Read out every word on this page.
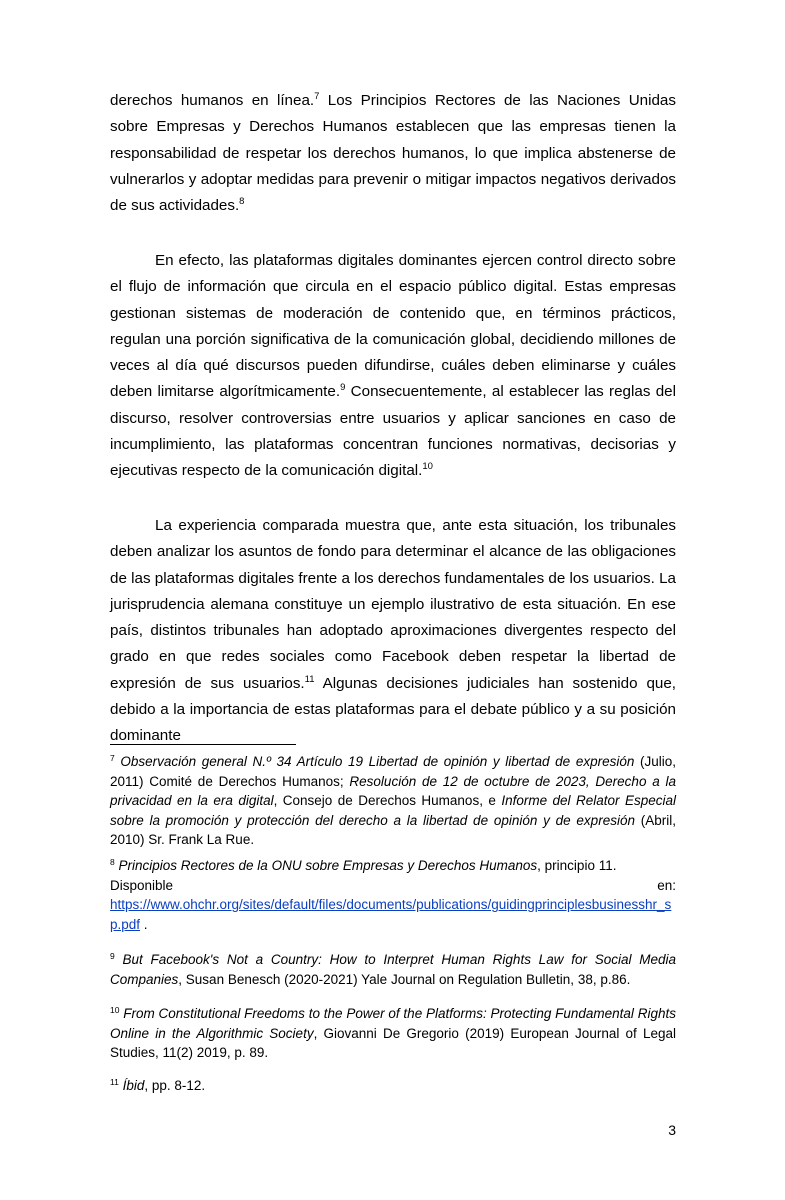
derechos humanos en línea.$^7$ Los Principios Rectores de las Naciones Unidas sobre Empresas y Derechos Humanos establecen que las empresas tienen la responsabilidad de respetar los derechos humanos, lo que implica abstenerse de vulnerarlos y adoptar medidas para prevenir o mitigar impactos negativos derivados de sus actividades.$^8$

En efecto, las plataformas digitales dominantes ejercen control directo sobre el flujo de información que circula en el espacio público digital. Estas empresas gestionan sistemas de moderación de contenido que, en términos prácticos, regulan una porción significativa de la comunicación global, decidiendo millones de veces al día qué discursos pueden difundirse, cuáles deben eliminarse y cuáles deben limitarse algorítmicamente.$^9$ Consecuentemente, al establecer las reglas del discurso, resolver controversias entre usuarios y aplicar sanciones en caso de incumplimiento, las plataformas concentran funciones normativas, decisorias y ejecutivas respecto de la comunicación digital.$^{10}$

La experiencia comparada muestra que, ante esta situación, los tribunales deben analizar los asuntos de fondo para determinar el alcance de las obligaciones de las plataformas digitales frente a los derechos fundamentales de los usuarios. La jurisprudencia alemana constituye un ejemplo ilustrativo de esta situación. En ese país, distintos tribunales han adoptado aproximaciones divergentes respecto del grado en que redes sociales como Facebook deben respetar la libertad de expresión de sus usuarios.$^{11}$ Algunas decisiones judiciales han sostenido que, debido a la importancia de estas plataformas para el debate público y a su posición dominante

$^7$ Observación general N.º 34 Artículo 19 Libertad de opinión y libertad de expresión (Julio, 2011) Comité de Derechos Humanos; Resolución de 12 de octubre de 2023, Derecho a la privacidad en la era digital, Consejo de Derechos Humanos, e Informe del Relator Especial sobre la promoción y protección del derecho a la libertad de opinión y de expresión (Abril, 2010) Sr. Frank La Rue.

$^8$ Principios Rectores de la ONU sobre Empresas y Derechos Humanos, principio 11.

Disponible	en:

https://www.ohchr.org/sites/default/files/documents/publications/guidingprinciplesbusinesshr_sp.pdf .

$^9$ But Facebook's Not a Country: How to Interpret Human Rights Law for Social Media Companies, Susan Benesch (2020-2021) Yale Journal on Regulation Bulletin, 38, p.86.

$^{10}$ From Constitutional Freedoms to the Power of the Platforms: Protecting Fundamental Rights Online in the Algorithmic Society, Giovanni De Gregorio (2019) European Journal of Legal Studies, 11(2) 2019, p. 89.

$^{11}$ Íbid, pp. 8-12.

3
